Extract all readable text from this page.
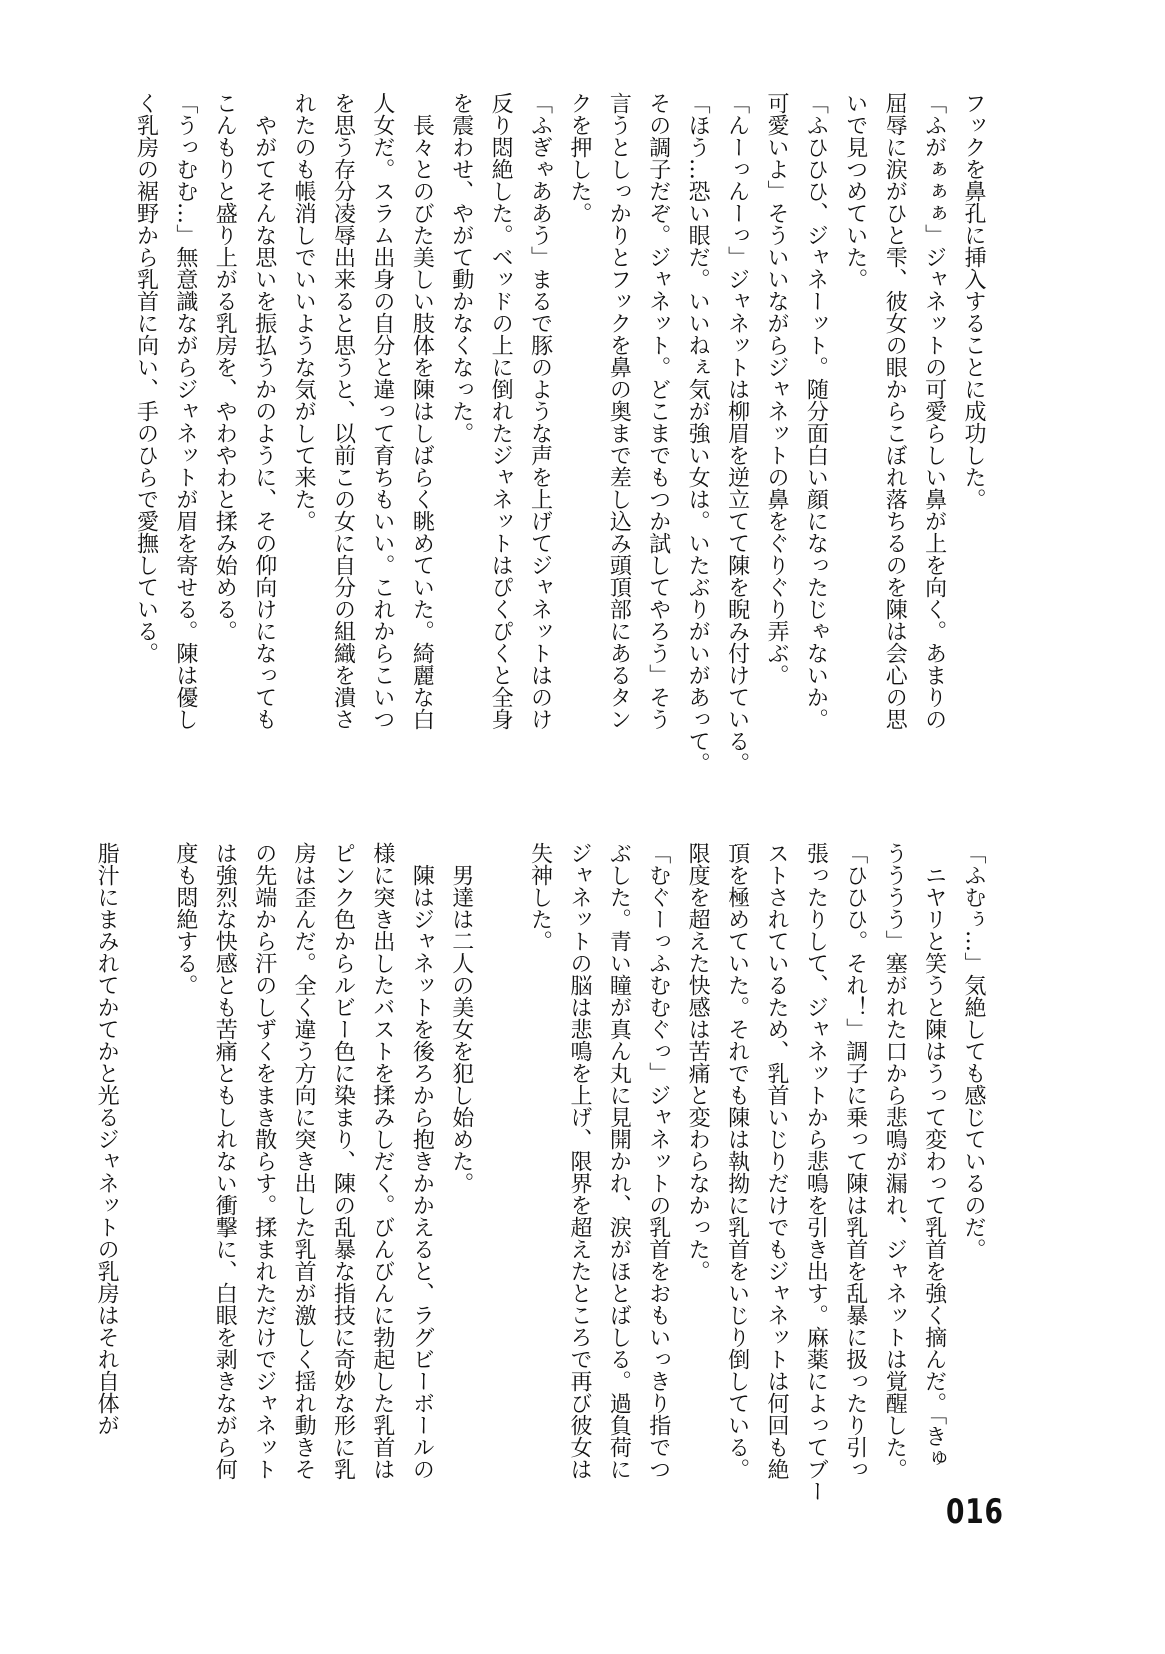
フックを鼻孔に挿入することに成功した。

「ふがぁぁぁ」ジャネットの可愛らしい鼻が上を向く。あまりの

屈辱に涙がひと雫、彼女の眼からこぼれ落ちるのを陳は会心の思

いで見つめていた。

「ふひひひ、ジャネーット。随分面白い顔になったじゃないか。

可愛いよ」そういいながらジャネットの鼻をぐりぐり弄ぶ。

「んーっんーっ」ジャネットは柳眉を逆立てて陳を睨み付けている。

「ほう…恐い眼だ。いいねぇ気が強い女は。いたぶりがいがあって。

その調子だぞ。ジャネット。どこまでもつか試してやろう」そう

言うとしっかりとフックを鼻の奥まで差し込み頭頂部にあるタン

クを押した。

「ふぎゃああう」まるで豚のような声を上げてジャネットはのけ

反り悶絶した。ベッドの上に倒れたジャネットはぴくぴくと全身

を震わせ、やがて動かなくなった。

　長々とのびた美しい肢体を陳はしばらく眺めていた。綺麗な白

人女だ。スラム出身の自分と違って育ちもいい。これからこいつ

を思う存分凌辱出来ると思うと、以前この女に自分の組織を潰さ

れたのも帳消しでいいような気がして来た。

　やがてそんな思いを振払うかのように、その仰向けになっても

こんもりと盛り上がる乳房を、やわやわと揉み始める。

「うっむむ…」無意識ながらジャネットが眉を寄せる。陳は優し

く乳房の裾野から乳首に向い、手のひらで愛撫している。

「ふむぅ…」気絶しても感じているのだ。

　ニヤリと笑うと陳はうって変わって乳首を強く摘んだ。「きゅ

うううう」塞がれた口から悲鳴が漏れ、ジャネットは覚醒した。

「ひひひ。それ！」調子に乗って陳は乳首を乱暴に扱ったり引っ

張ったりして、ジャネットから悲鳴を引き出す。麻薬によってブー

ストされているため、乳首いじりだけでもジャネットは何回も絶

頂を極めていた。それでも陳は執拗に乳首をいじり倒している。

限度を超えた快感は苦痛と変わらなかった。

「むぐーっふむむぐっ」ジャネットの乳首をおもいっきり指でつ

ぶした。青い瞳が真ん丸に見開かれ、涙がほとばしる。過負荷に

ジャネットの脳は悲鳴を上げ、限界を超えたところで再び彼女は

失神した。

　男達は二人の美女を犯し始めた。

　陳はジャネットを後ろから抱きかかえると、ラグビーボールの

様に突き出したバストを揉みしだく。びんびんに勃起した乳首は

ピンク色からルビー色に染まり、陳の乱暴な指技に奇妙な形に乳

房は歪んだ。全く違う方向に突き出した乳首が激しく揺れ動きそ

の先端から汗のしずくをまき散らす。揉まれただけでジャネット

は強烈な快感とも苦痛ともしれない衝撃に、白眼を剥きながら何

度も悶絶する。

脂汁にまみれてかてかと光るジャネットの乳房はそれ自体が

016
